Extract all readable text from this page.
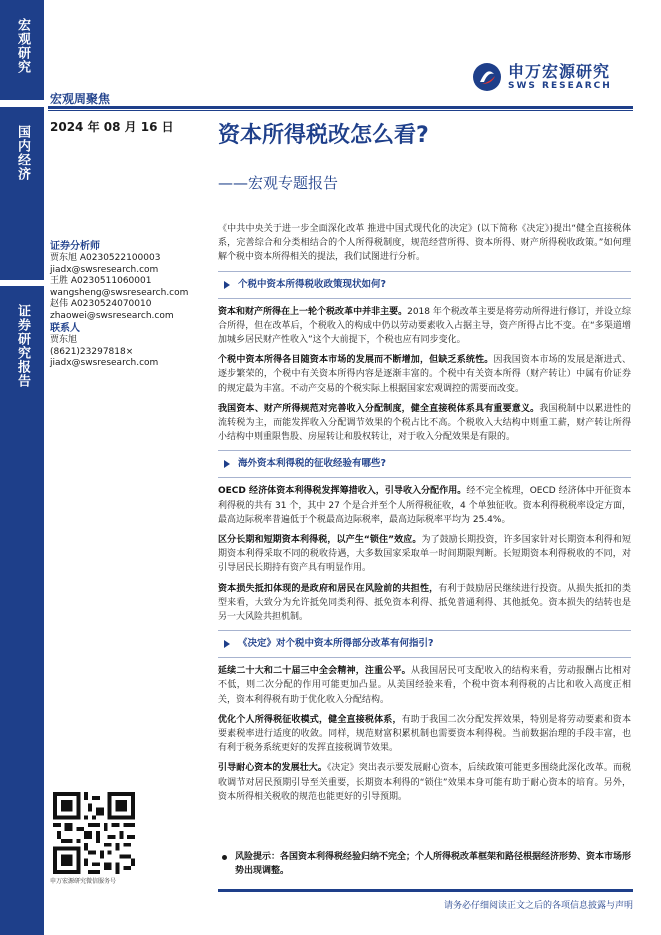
宏观研究
国内经济
证券研究报告
申万宏源研究
SWS RESEARCH
宏观周聚焦
2024 年 08 月 16 日 资本所得税改怎么看?
——宏观专题报告
证券分析师
贾东旭 A0230522100003
jiadx@swsresearch.com
王胜 A0230511060001
wangsheng@swsresearch.com
赵伟 A0230524070010
zhaowei@swsresearch.com
联系人
贾东旭
(8621)23297818×
jiadx@swsresearch.com
申万宏源研究微信服务号
《中共中央关于进一步全面深化改革 推进中国式现代化的决定》(以下简称《决定》)提出“健全直接税体系，完善综合和分类相结合的个人所得税制度，规范经营所得、资本所得、财产所得税收政策。”如何理解个税中资本所得相关的提法，我们试图进行分析。
个税中资本所得税收政策现状如何?
资本和财产所得在上一轮个税改革中并非主要。2018 年个税改革主要是将劳动所得进行修订，并设立综合所得，但在改革后，个税收入的构成中仍以劳动要素收入占据主导，资产所得占比不变。在“多渠道增加城乡居民财产性收入”这个大前提下，个税也应有同步变化。
个税中资本所得各目随资本市场的发展而不断增加，但缺乏系统性。因我国资本市场的发展是渐进式、逐步繁荣的，个税中有关资本所得内容是逐渐丰富的。个税中有关资本所得（财产转让）中属有价证券的规定最为丰富。不动产交易的个税实际上根据国家宏观调控的需要而改变。
我国资本、财产所得规范对完善收入分配制度，健全直接税体系具有重要意义。我国税制中以累进性的流转税为主，而能发挥收入分配调节效果的个税占比不高。个税收入大结构中则重工薪，财产转让所得小结构中则重限售股、房屋转让和股权转让，对于收入分配效果是有限的。
海外资本利得税的征收经验有哪些?
OECD 经济体资本利得税发挥筹措收入，引导收入分配作用。经不完全梳理，OECD 经济体中开征资本利得税的共有 31 个，其中 27 个是合并至个人所得税征收，4 个单独征收。资本利得税税率设定方面，最高边际税率普遍低于个税最高边际税率，最高边际税率平均为 25.4%。
区分长期和短期资本利得税，以产生“锁住”效应。为了鼓励长期投资，许多国家针对长期资本利得和短期资本利得采取不同的税收待遇，大多数国家采取单一时间期限判断。长短期资本利得税收的不同，对引导居民长期持有资产具有明显作用。
资本损失抵扣体现的是政府和居民在风险前的共担性，有利于鼓励居民继续进行投资。从损失抵扣的类型来看，大致分为允许抵免同类利得、抵免资本利得、抵免普通利得、其他抵免。资本损失的结转也是另一大风险共担机制。
《决定》对个税中资本所得部分改革有何指引?
延续二十大和二十届三中全会精神，注重公平。从我国居民可支配收入的结构来看，劳动报酬占比相对不低，则二次分配的作用可能更加凸显。从美国经验来看，个税中资本利得税的占比和收入高度正相关，资本利得税有助于优化收入分配结构。
优化个人所得税征收模式，健全直接税体系，有助于我国二次分配发挥效果，特别是将劳动要素和资本要素税率进行适度的收敛。同样，规范财富积累机制也需要资本利得税。当前数据治理的手段丰富，也有利于税务系统更好的发挥直接税调节效果。
引导耐心资本的发展壮大。《决定》突出表示要发展耐心资本，后续政策可能更多围绕此深化改革。而税收调节对居民预期引导至关重要，长期资本利得的“锁住”效果本身可能有助于耐心资本的培育。另外，资本所得相关税收的规范也能更好的引导预期。
风险提示：各国资本利得税经验归纳不完全；个人所得税改革框架和路径根据经济形势、资本市场形势出现调整。
请务必仔细阅读正文之后的各项信息披露与声明
